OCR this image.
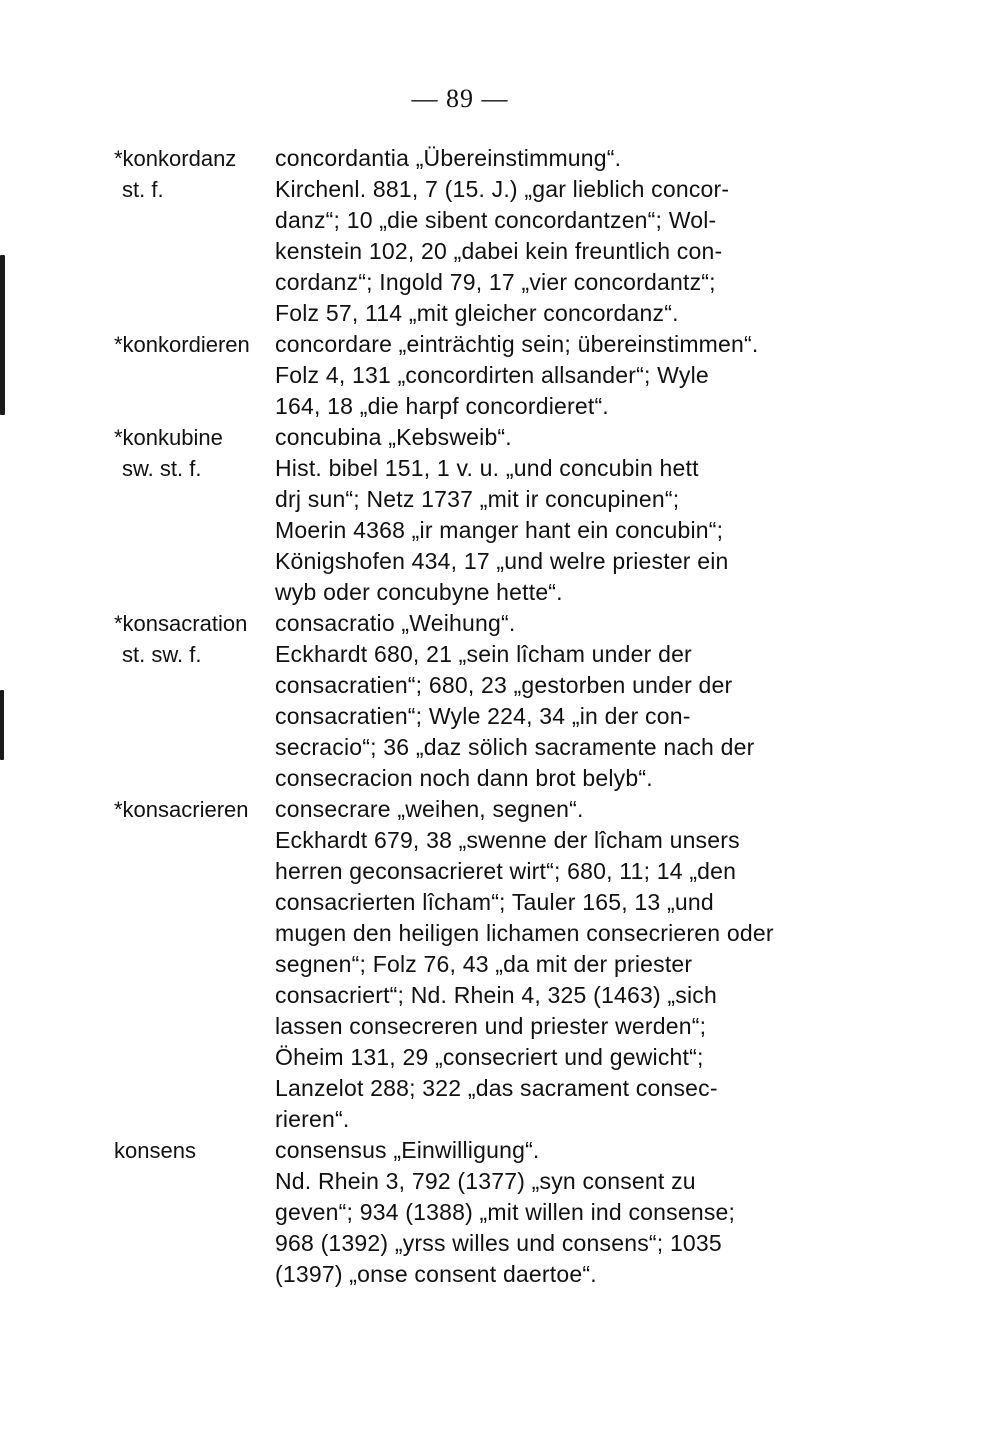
— 89 —
*konkordanz	concordantia „Übereinstimmung“.
st. f.	Kirchenl. 881, 7 (15. J.) „gar lieblich concor-
danz“; 10 „die sibent concordantzen“; Wol-
kenstein 102, 20 „dabei kein freuntlich con-
cordanz“; Ingold 79, 17 „vier concordantz“;
Folz 57, 114 „mit gleicher concordanz“.
*konkordieren	concordare „einträchtig sein; übereinstimmen“.
Folz 4, 131 „concordirten allsander“; Wyle
164, 18 „die harpf concordieret“.
*konkubine	concubina „Kebsweib“.
sw. st. f.	Hist. bibel 151, 1 v. u. „und concubin hett
drj sun“; Netz 1737 „mit ir concupinen“;
Moerin 4368 „ir manger hant ein concubin“;
Königshofen 434, 17 „und welre priester ein
wyb oder concubyne hette“.
*konsacration	consacratio „Weihung“.
st. sw. f.	Eckhardt 680, 21 „sein lîcham under der
consacratien“; 680, 23 „gestorben under der
consacratien“; Wyle 224, 34 „in der con-
secracio“; 36 „daz sölich sacramente nach der
consecracion noch dann brot belyb“.
*konsacrieren	consecrare „weihen, segnen“.
Eckhardt 679, 38 „swenne der lîcham unsers
herren geconsacrieret wirt“; 680, 11; 14 „den
consacrierten lîcham“; Tauler 165, 13 „und
mugen den heiligen lichamen consecrieren oder
segnen“; Folz 76, 43 „da mit der priester
consacriert“; Nd. Rhein 4, 325 (1463) „sich
lassen consecreren und priester werden“;
Öheim 131, 29 „consecriert und gewicht“;
Lanzelot 288; 322 „das sacrament consec-
rieren“.
konsens	consensus „Einwilligung“.
Nd. Rhein 3, 792 (1377) „syn consent zu
geven“; 934 (1388) „mit willen ind consense;
968 (1392) „yrss willes und consens“; 1035
(1397) „onse consent daertoe“.
